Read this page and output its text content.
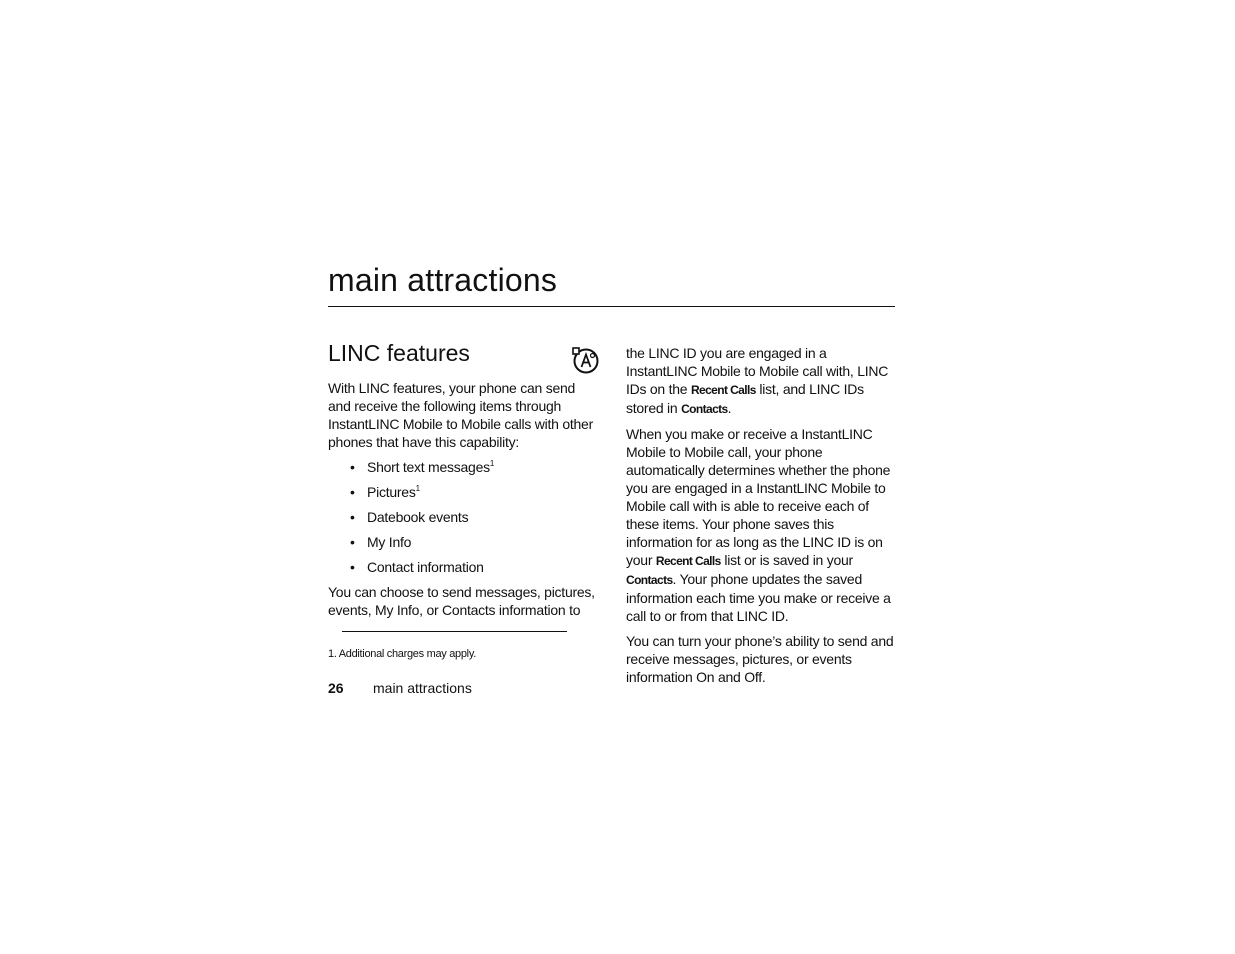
main attractions
LINC features

With LINC features, your phone can send and receive the following items through InstantLINC Mobile to Mobile calls with other phones that have this capability:

• Short text messages$^1$
• Pictures$^1$
• Datebook events
• My Info
• Contact information

You can choose to send messages, pictures, events, My Info, or Contacts information to

the LINC ID you are engaged in a InstantLINC Mobile to Mobile call with, LINC IDs on the Recent Calls list, and LINC IDs stored in Contacts.

When you make or receive a InstantLINC Mobile to Mobile call, your phone automatically determines whether the phone you are engaged in a InstantLINC Mobile to Mobile call with is able to receive each of these items. Your phone saves this information for as long as the LINC ID is on your Recent Calls list or is saved in your Contacts. Your phone updates the saved information each time you make or receive a call to or from that LINC ID.

You can turn your phone’s ability to send and receive messages, pictures, or events information On and Off.

1. Additional charges may apply.
26 main attractions
